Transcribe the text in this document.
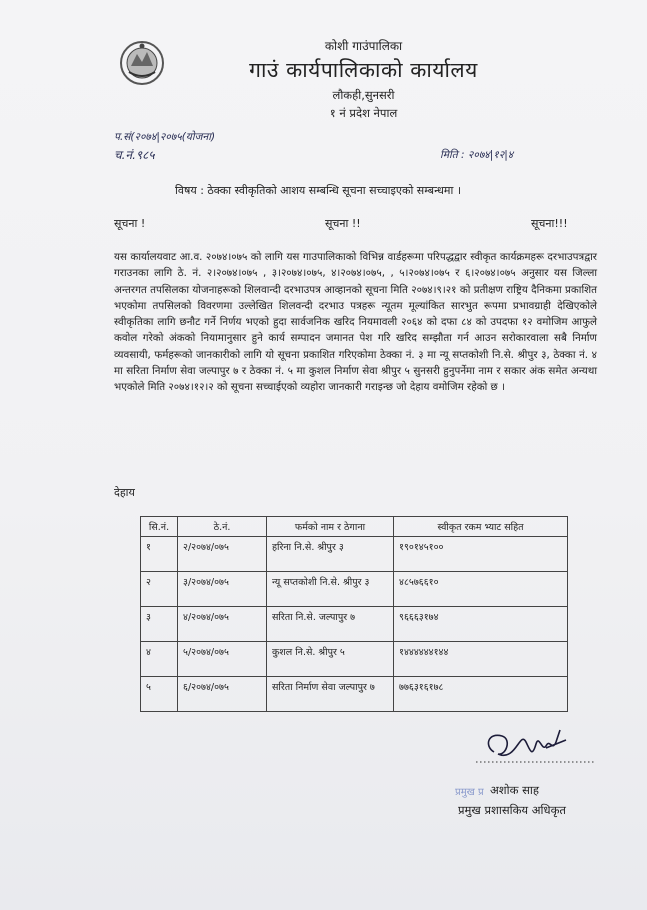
कोशी गाउंपालिका
गाउं कार्यपालिकाको कार्यालय
लौकही,सुनसरी
१ नं प्रदेश नेपाल
प.सं(२०७४|२०७५(योजना)
च.नं.९८५	मिति : २०७४|१२|४
विषय : ठेक्का स्वीकृतिको आशय सम्बन्धि सूचना सच्चाइएको सम्बन्धमा ।
सूचना !	सूचना !!	सूचना!!!
यस कार्यालयवाट आ.व. २०७४।०७५ को लागि यस गाउपालिकाको विभिन्न वार्डहरूमा परिपद्धद्वार स्वीकृत कार्यक्रमहरू दरभाउपत्रद्वार गराउनका लागि ठे. नं. २।२०७४।०७५ , ३।२०७४।०७५, ४।२०७४।०७५, , ५।२०७४।०७५ र ६।२०७४।०७५ अनुसार यस जिल्ला अन्तरगत तपसिलका योजनाहरूको शिलवान्दी दरभाउपत्र आव्हानको सूचना मिति २०७४।९।२१ को प्रतीक्षण राष्ट्रिय दैनिकमा प्रकाशित भएकोमा तपसिलको विवरणमा उल्लेखित शिलवन्दी दरभाउ पत्रहरू न्यूतम मूल्यांकित सारभुत रूपमा प्रभावग्राही देखिएकोले स्वीकृतिका लागि छनौट गर्ने निर्णय भएको हुदा सार्वजनिक खरिद नियमावली २०६४ को दफा ८४ को उपदफा १२ वमोजिम आफुले कवोल गरेको अंकको नियामानुसार हुने कार्य सम्पादन जमानत पेश गरि खरिद सम्झौता गर्न आउन सरोकारवाला सबै निर्माण व्यवसायी, फर्महरूको जानकारीको लागि यो सूचना प्रकाशित गरिएकोमा ठेक्का नं. ३ मा न्यू सप्तकोशी नि.से. श्रीपुर ३, ठेक्का नं. ४ मा सरिता निर्माण सेवा जल्पापुर ७ र ठेक्का नं. ५ मा कुशल निर्माण सेवा श्रीपुर ५ सुनसरी हुनुपर्नेमा नाम र सकार अंक समेत अन्यथा भएकोले मिति २०७४।१२।२ को सूचना सच्चाईएको व्यहोरा जानकारी गराइन्छ जो देहाय वमोजिम रहेको छ ।
देहाय
सि.नं.	ठे.नं.	फर्मको नाम र ठेगाना	स्वीकृत रकम भ्याट सहित
१	२/२०७४/०७५	हरिना नि.से. श्रीपुर ३	१९०१४५१००
२	३/२०७४/०७५	न्यू सप्तकोशी नि.से. श्रीपुर ३	४८५७६६१०
३	४/२०७४/०७५	सरिता नि.से. जल्पापुर ७	९६६६३१७४
४	५/२०७४/०७५	कुशल नि.से. श्रीपुर ५	१४४४४४४१४४
५	६/२०७४/०७५	सरिता निर्माण सेवा जल्पापुर ७	७७६३१६१७८
प्रमुख प्र अशोक साह
प्रमुख प्रशासकिय अधिकृत
